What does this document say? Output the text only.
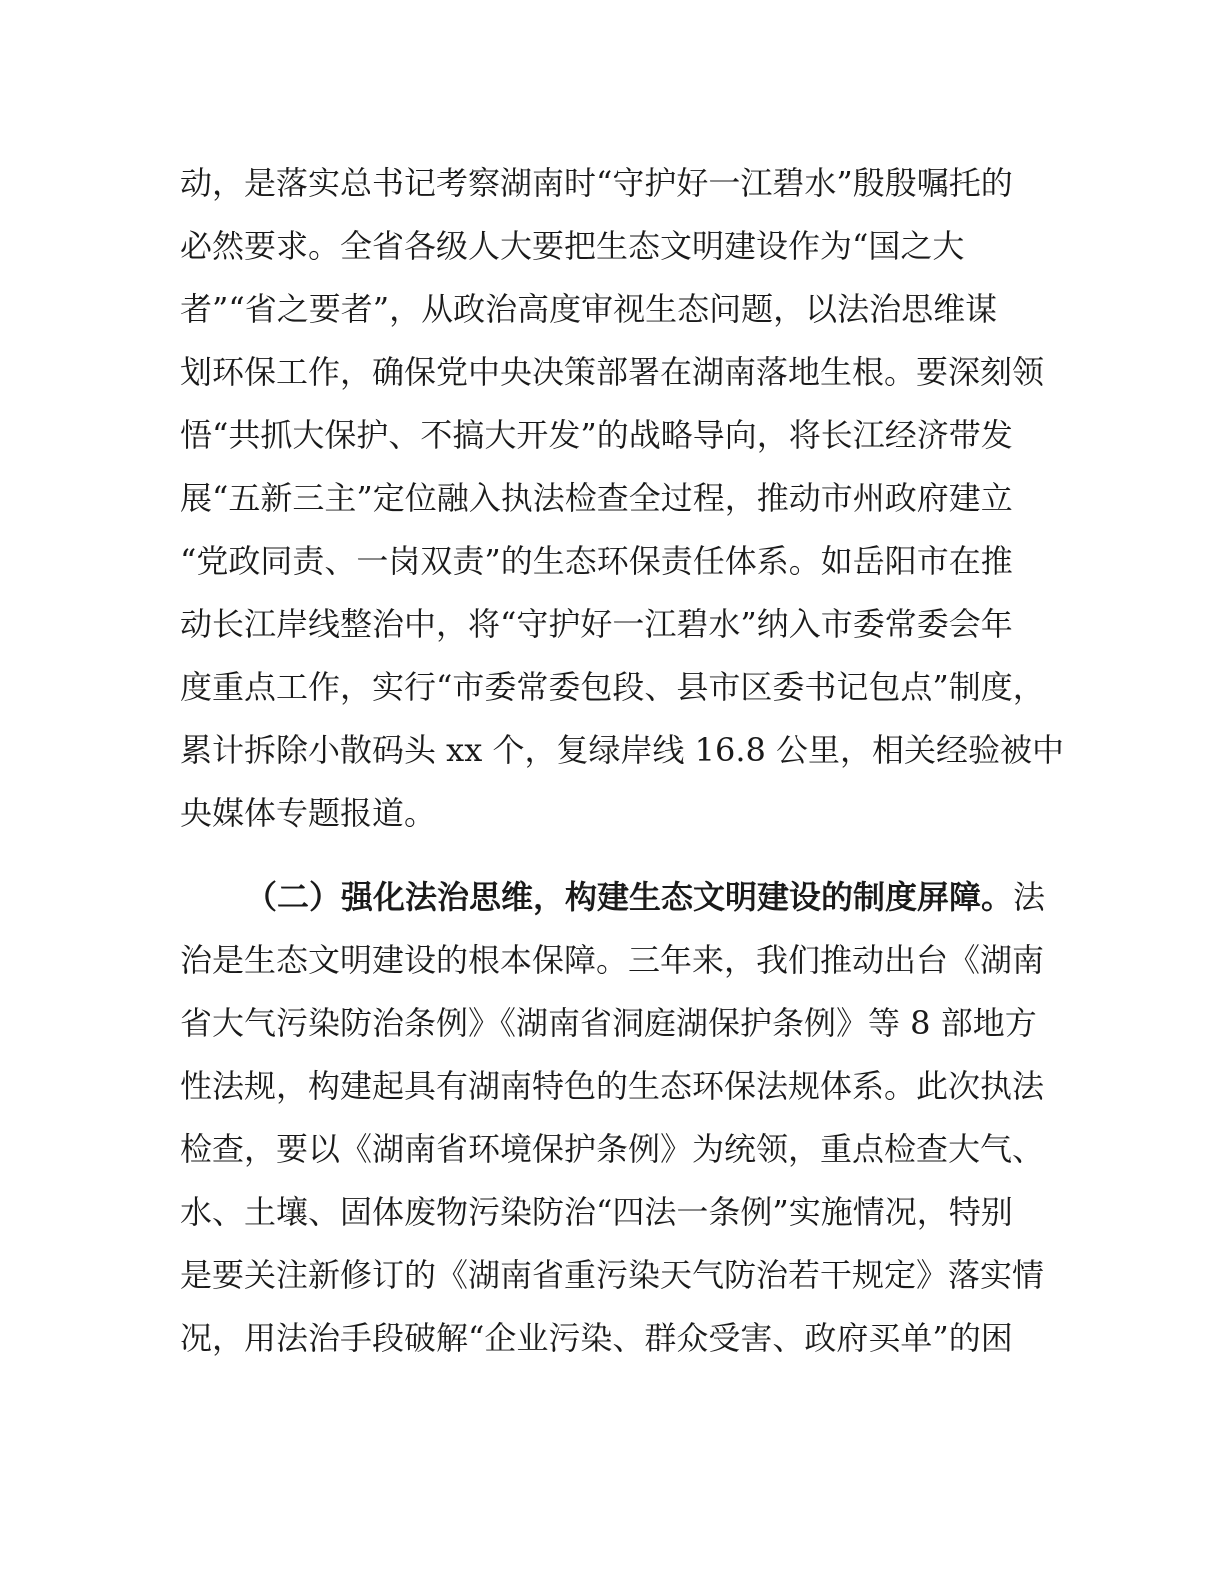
动，是落实总书记考察湖南时“守护好一江碧水”殷殷嘱托的

必然要求。全省各级人大要把生态文明建设作为“国之大

者”“省之要者”，从政治高度审视生态问题，以法治思维谋

划环保工作，确保党中央决策部署在湖南落地生根。要深刻领

悟“共抓大保护、不搞大开发”的战略导向，将长江经济带发

展“五新三主”定位融入执法检查全过程，推动市州政府建立

“党政同责、一岗双责”的生态环保责任体系。如岳阳市在推

动长江岸线整治中，将“守护好一江碧水”纳入市委常委会年

度重点工作，实行“市委常委包段、县市区委书记包点”制度，

累计拆除小散码头 xx 个，复绿岸线 16.8 公里，相关经验被中

央媒体专题报道。

（二）强化法治思维，构建生态文明建设的制度屏障。法

治是生态文明建设的根本保障。三年来，我们推动出台《湖南

省大气污染防治条例》《湖南省洞庭湖保护条例》等 8 部地方

性法规，构建起具有湖南特色的生态环保法规体系。此次执法

检查，要以《湖南省环境保护条例》为统领，重点检查大气、

水、土壤、固体废物污染防治“四法一条例”实施情况，特别

是要关注新修订的《湖南省重污染天气防治若干规定》落实情

况，用法治手段破解“企业污染、群众受害、政府买单”的困
